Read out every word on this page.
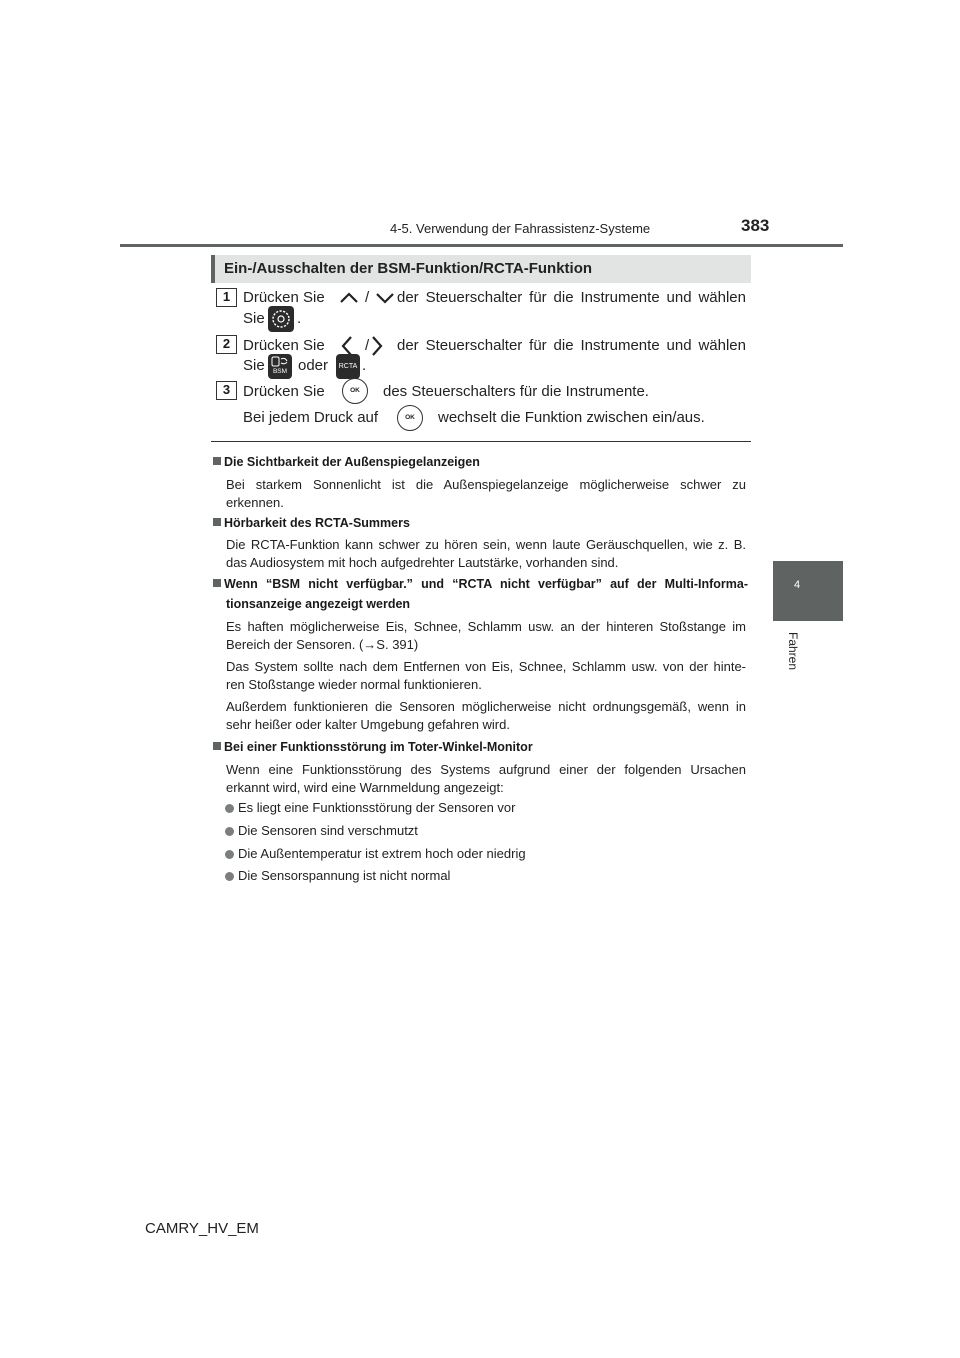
4-5. Verwendung der Fahrassistenz-Systeme	383
4
Fahren
Ein-/Ausschalten der BSM-Funktion/RCTA-Funktion
1 Drücken Sie	/ der Steuerschalter für die Instrumente und wählen
Sie .
2 Drücken Sie	/ der Steuerschalter für die Instrumente und wählen
Sie	BSM oder	RCTA .
3 Drücken Sie	OK	des Steuerschalters für die Instrumente.
Bei jedem Druck auf	OK	wechselt die Funktion zwischen ein/aus.
Die Sichtbarkeit der Außenspiegelanzeigen
Bei starkem Sonnenlicht ist die Außenspiegelanzeige möglicherweise schwer zu
erkennen.
Hörbarkeit des RCTA-Summers
Die RCTA-Funktion kann schwer zu hören sein, wenn laute Geräuschquellen, wie z. B.
das Audiosystem mit hoch aufgedrehter Lautstärke, vorhanden sind.
Wenn “BSM nicht verfügbar.” und “RCTA nicht verfügbar” auf der Multi-Informa-
tionsanzeige angezeigt werden
Es haften möglicherweise Eis, Schnee, Schlamm usw. an der hinteren Stoßstange im
Bereich der Sensoren. (→S. 391)
Das System sollte nach dem Entfernen von Eis, Schnee, Schlamm usw. von der hinte-
ren Stoßstange wieder normal funktionieren.
Außerdem funktionieren die Sensoren möglicherweise nicht ordnungsgemäß, wenn in
sehr heißer oder kalter Umgebung gefahren wird.
Bei einer Funktionsstörung im Toter-Winkel-Monitor
Wenn eine Funktionsstörung des Systems aufgrund einer der folgenden Ursachen
erkannt wird, wird eine Warnmeldung angezeigt:
Es liegt eine Funktionsstörung der Sensoren vor
Die Sensoren sind verschmutzt
Die Außentemperatur ist extrem hoch oder niedrig
Die Sensorspannung ist nicht normal
CAMRY_HV_EM
